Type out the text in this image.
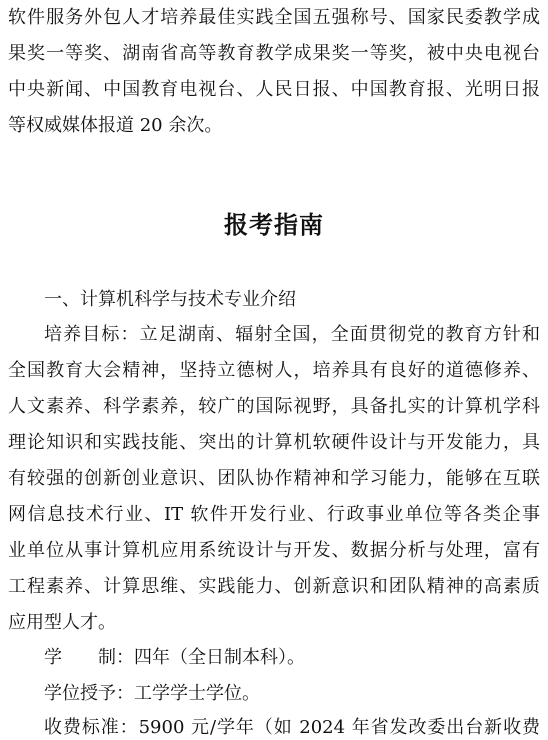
软件服务外包人才培养最佳实践全国五强称号、国家民委教学成
果奖一等奖、湖南省高等教育教学成果奖一等奖，被中央电视台
中央新闻、中国教育电视台、人民日报、中国教育报、光明日报
等权威媒体报道 20 余次。
报考指南
一、计算机科学与技术专业介绍
培养目标：立足湖南、辐射全国，全面贯彻党的教育方针和
全国教育大会精神，坚持立德树人，培养具有良好的道德修养、
人文素养、科学素养，较广的国际视野，具备扎实的计算机学科
理论知识和实践技能、突出的计算机软硬件设计与开发能力，具
有较强的创新创业意识、团队协作精神和学习能力，能够在互联
网信息技术行业、IT 软件开发行业、行政事业单位等各类企事
业单位从事计算机应用系统设计与开发、数据分析与处理，富有
工程素养、计算思维、实践能力、创新意识和团队精神的高素质
应用型人才。
学　　制：四年（全日制本科）。
学位授予：工学学士学位。
收费标准：5900 元/学年（如 2024 年省发改委出台新收费
